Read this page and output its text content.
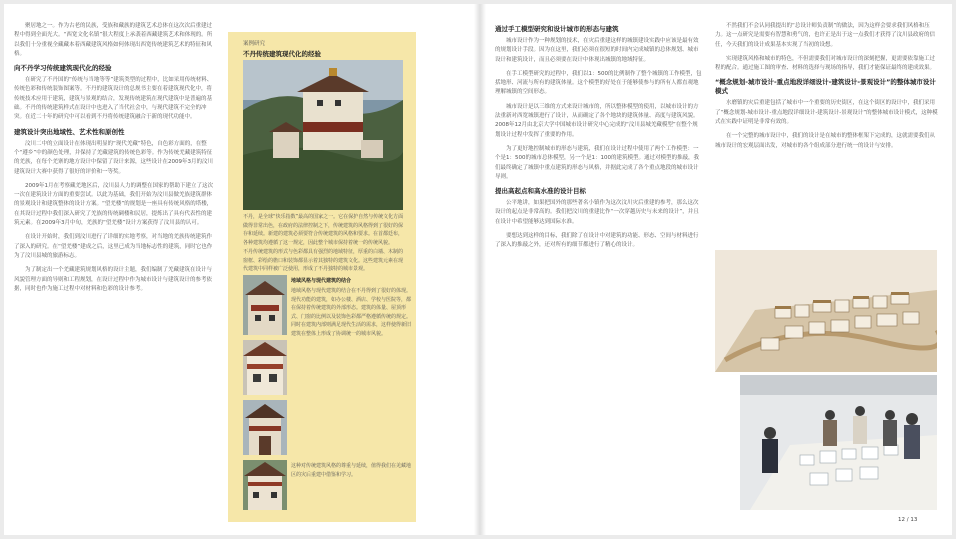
聚居地之一。作为古老的民族，受族和藏族的建筑艺术总体在这次次后重建过程中得到全面光大。“西宽文化名镇”很大程度上承袭着西藏建筑艺术和体现的。所以我们十分重视全藏藏本着西藏建筑风格如何体现出西宽传统建筑艺术的特征和风格。

向不丹学习传统建筑现代化的经验

在研究了不丹国的“传统与当地等等”建筑类型的过程中，比如采用传统材料、传统色彩和传统装饰图案等。不丹的建筑设计的总规书主要在着建筑现代化中，将传统技术应用于建筑，建筑与景观的结合，发现传统建筑在现代建筑中是普遍的基础。不丹的传统建筑样式在设计中也进入了当代社会中，与现代建筑不完全的冲突。在近二十年的研究中可以看到不丹将传统建筑融合于新的现代功能中。

建筑设计突出地域性、艺术性和原创性

汶川二中的立面设计在体现出明显的“现代羌藏”特色，自色彩方面的，在整个“遵乡”中的颜色处理，并保持了羌藏建筑的传统色彩等。作为传统羌藏建筑特征的羌族，在每个羌寨的地方设计中保留了设计来源，这些设计在2009年3月的汶川建筑设计大赛中获得了很好的评价和一等奖。

2009年1月在考察藏羌地区后，汶川县人力的调整在国家的帮助下建立了这次一次在建筑设计方面的重要尝试。以此为基础，我们开始为汶川县做羌族建筑群体的景观设计和建筑整体的设计方案。“望羌楼”的规划是一座具有传统风格的塔楼，在其设计过程中我们深入研究了羌族的传统碉楼和民居，提炼出了具有代表性的建筑元素。在2009年3月中旬，羌族的“望羌楼”设计方案获得了汶川县的认可。

在设计开始时，我们到汶川进行了详细的实地考察，对当地的羌族传统建筑作了深入的研究。在“望羌楼”建成之后，这里已成为当地标志性的建筑，同时它也作为了汶川县城的旅游标志。

为了制定出一个羌藏建筑规划风格的设计主题，我们编制了羌藏建筑在设计与风貌管理方面的导则和工程规划，在设计过程中作为城市设计与建筑设计的参考依据，同时也作为施工过程中对材料和色彩的设计参考。

案例研究
不丹传统建筑现代化的经验
不丹，是全球“快乐指数”最高的国家之一。它在保护自然与传统文化方面做得非常出色，在政府的法律控制之下，传统建筑的风格得到了很好的保存和延续。新建的建筑必须要符合传统建筑的风格和要求。在首都廷布，各种建筑均遵循了这一规定，因此整个城市保持着统一的传统风貌。
不丹传统建筑的形式与色彩都具有强烈的地域特征，厚重的白墙、木制的窗框、彩绘的檐口和装饰都显示着其独特的建筑文化。这些建筑元素在现代建筑中同样被广泛使用，形成了不丹独特的城市景观。
地域风格与现代建筑的结合
地域风格与现代建筑的结合在不丹得到了很好的体现。现代功能的建筑，如办公楼、酒店、学校与医院等，都在保持着传统建筑的外部形态。建筑的体量、屋顶形式、门窗的比例以及装饰色彩都严格遵循传统的规定。同时在建筑内部则满足现代生活的需求，这样使得新旧建筑在整体上形成了协调统一的城市风貌。
这种对传统建筑风格的尊重与延续，值得我们在羌藏地区的灾后重建中借鉴和学习。
通过手工模型研究和设计城市的形态与建筑

城市设计作为一种规划的技术，在灾后重建这样的城镇建设实践中应该是最有效的规划设计手段。因为在这里，我们必须在很短的时间内完成城镇的总体规划、城市设计和建筑设计，而且必须要在设计中体现出城镇的地域特征。

在手工模型研究的过程中，我们以1：500的比例制作了整个城镇的工作模型，包括地形、河流与所有的建筑体量。这个模型的好处在于能够使参与的所有人都直观地理解城镇的空间形态。

城市设计是以三维的方式来设计城市的，所以整体模型的使用，以城市设计的方法重新对西宽城镇进行了设计，从而确定了各个地块的建筑体量、高度与建筑风貌。2008年12月由北京大学中国城市设计研究中心完成的“汶川县城羌藏模型”在整个规划设计过程中发挥了重要的作用。

为了更好地控制城市的形态与建筑，我们在设计过程中使用了两个工作模型：一个是1：500的城市总体模型，另一个是1：100的建筑模型。通过对模型的推敲，我们最终确定了城镇中重点建筑的形态与风格，并据此完成了各个重点地段的城市设计导则。

提出高起点和高水准的设计目标

公平地讲，如果把国外的那些著名小镇作为这次汶川灾后重建的参考，那么这次设计的起点是非常高的。我们把汶川的重建比作“一次穿越历史与未来的设计”，并且在设计中希望能够达到国际水准。

要想达到这样的目标，我们除了在设计中对建筑的功能、形态、空间与材料进行了深入的推敲之外，还对所有的细节都进行了精心的设计。

不然我们不会认同我提出的“总设计师负责制”的做法，因为这样会要求我们风格和压力。这一点研究是需要有智慧和勇气的，也许正是出于这一点我们才获得了汶川县政府的信任，今天我们的设计成果基本实现了当初的设想。

实现建筑风格和城市的特色，不但需要我们对城市设计的深刻把握，更需要依靠施工过程的配合。通过施工图的审查、材料的选择与现场的指导，我们才能保证最终的建成效果。

“概念规划-城市设计-重点地段详细设计-建筑设计-景观设计”的整体城市设计模式

水磨镇的灾后重建包括了城市中一个重要的历史街区，在这个街区的设计中，我们采用了“概念规划-城市设计-重点地段详细设计-建筑设计-景观设计”的整体城市设计模式，这种模式在实践中证明是非常有效的。

在一个完整的城市设计中，我们的设计是在城市的整体框架下完成的，这就需要我们从城市设计的宏观层面出发，对城市的各个组成部分进行统一的设计与安排。

12 / 13
